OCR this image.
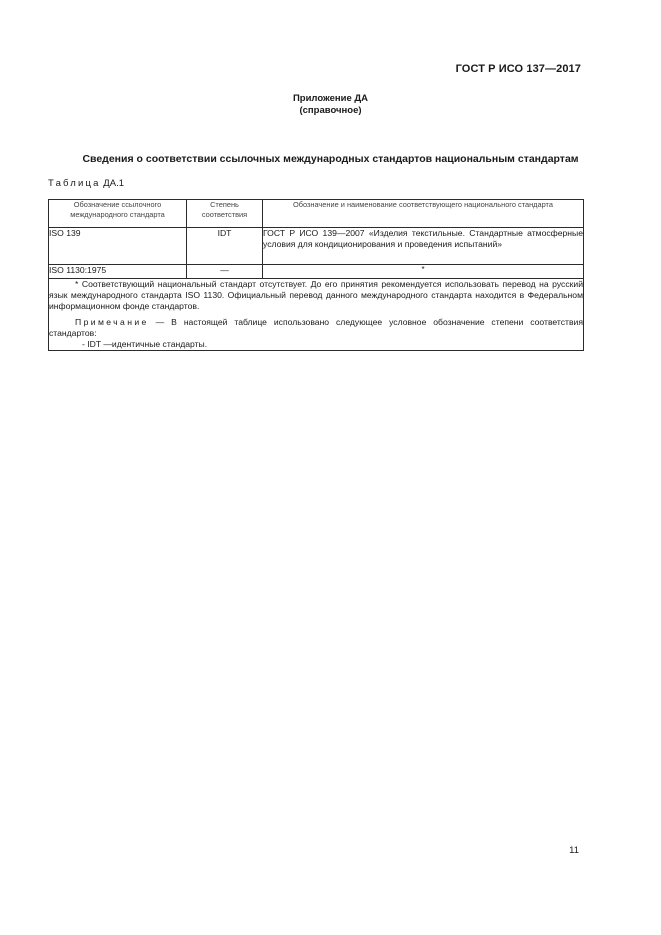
ГОСТ Р ИСО 137—2017
Приложение ДА
(справочное)
Сведения о соответствии ссылочных международных стандартов национальным стандартам
Таблица ДА.1
Обозначение ссылочного международного стандарта	Степень соответствия	Обозначение и наименование соответствующего национального стандарта
ISO 139	IDT	ГОСТ Р ИСО 139—2007 «Изделия текстильные. Стандартные атмосферные условия для кондиционирования и проведения испытаний»
ISO 1130:1975	—	*

* Соответствующий национальный стандарт отсутствует. До его принятия рекомендуется использовать перевод на русский язык международного стандарта ISO 1130. Официальный перевод данного международного стандарта находится в Федеральном информационном фонде стандартов.

Примечание — В настоящей таблице использовано следующее условное обозначение степени соответствия стандартов:

- IDT —идентичные стандарты.		

11
